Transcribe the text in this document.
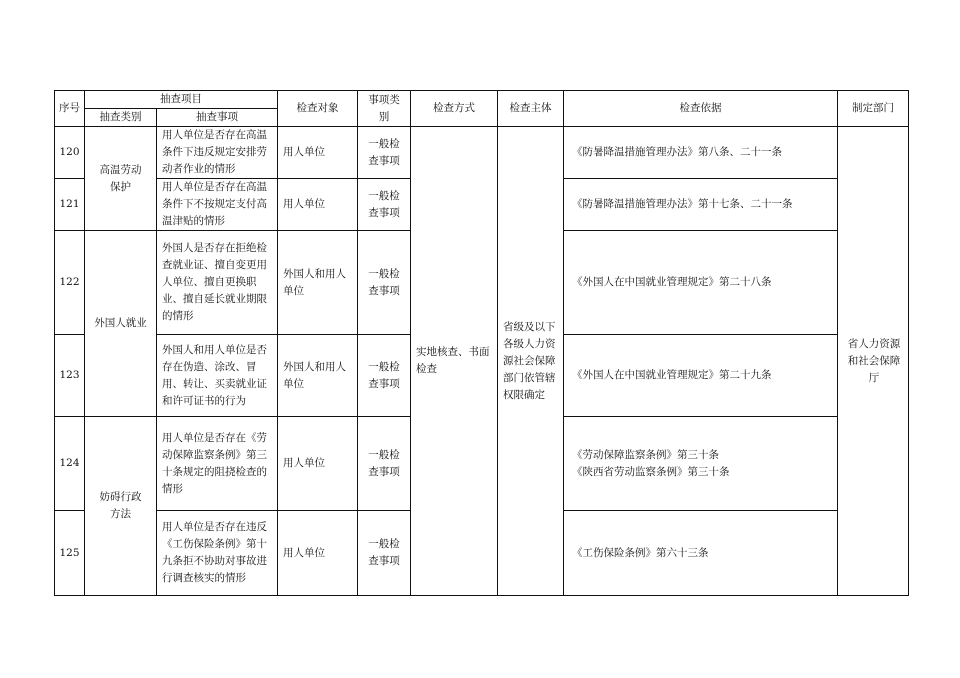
序号	抽查项目		检查对象	事项类别	检查方式	检查主体	检查依据	制定部门
	抽查类别	抽查事项						
120	高温劳动保护	用人单位是否存在高温条件下违反规定安排劳动者作业的情形	用人单位	一般检查事项	实地核查、书面检查	省级及以下各级人力资源社会保障部门依管辖权限确定	《防暑降温措施管理办法》第八条、二十一条	省人力资源和社会保障厅
121		用人单位是否存在高温条件下不按规定支付高温津贴的情形	用人单位	一般检查事项			《防暑降温措施管理办法》第十七条、二十一条	

122	外国人就业	外国人是否存在拒绝检查就业证、擅自变更用人单位、擅自更换职业、擅自延长就业期限的情形	外国人和用人单位	一般检查事项			《外国人在中国就业管理规定》第二十八条	

123		外国人和用人单位是否存在伪造、涂改、冒用、转让、买卖就业证和许可证书的行为	外国人和用人单位	一般检查事项			《外国人在中国就业管理规定》第二十九条	

124	妨碍行政方法	用人单位是否存在《劳动保障监察条例》第三十条规定的阻挠检查的情形	用人单位	一般检查事项			《劳动保障监察条例》第三十条
《陕西省劳动监察条例》第三十条	

125		用人单位是否存在违反《工伤保险条例》第十九条拒不协助对事故进行调查核实的情形	用人单位	一般检查事项			《工伤保险条例》第六十三条	
